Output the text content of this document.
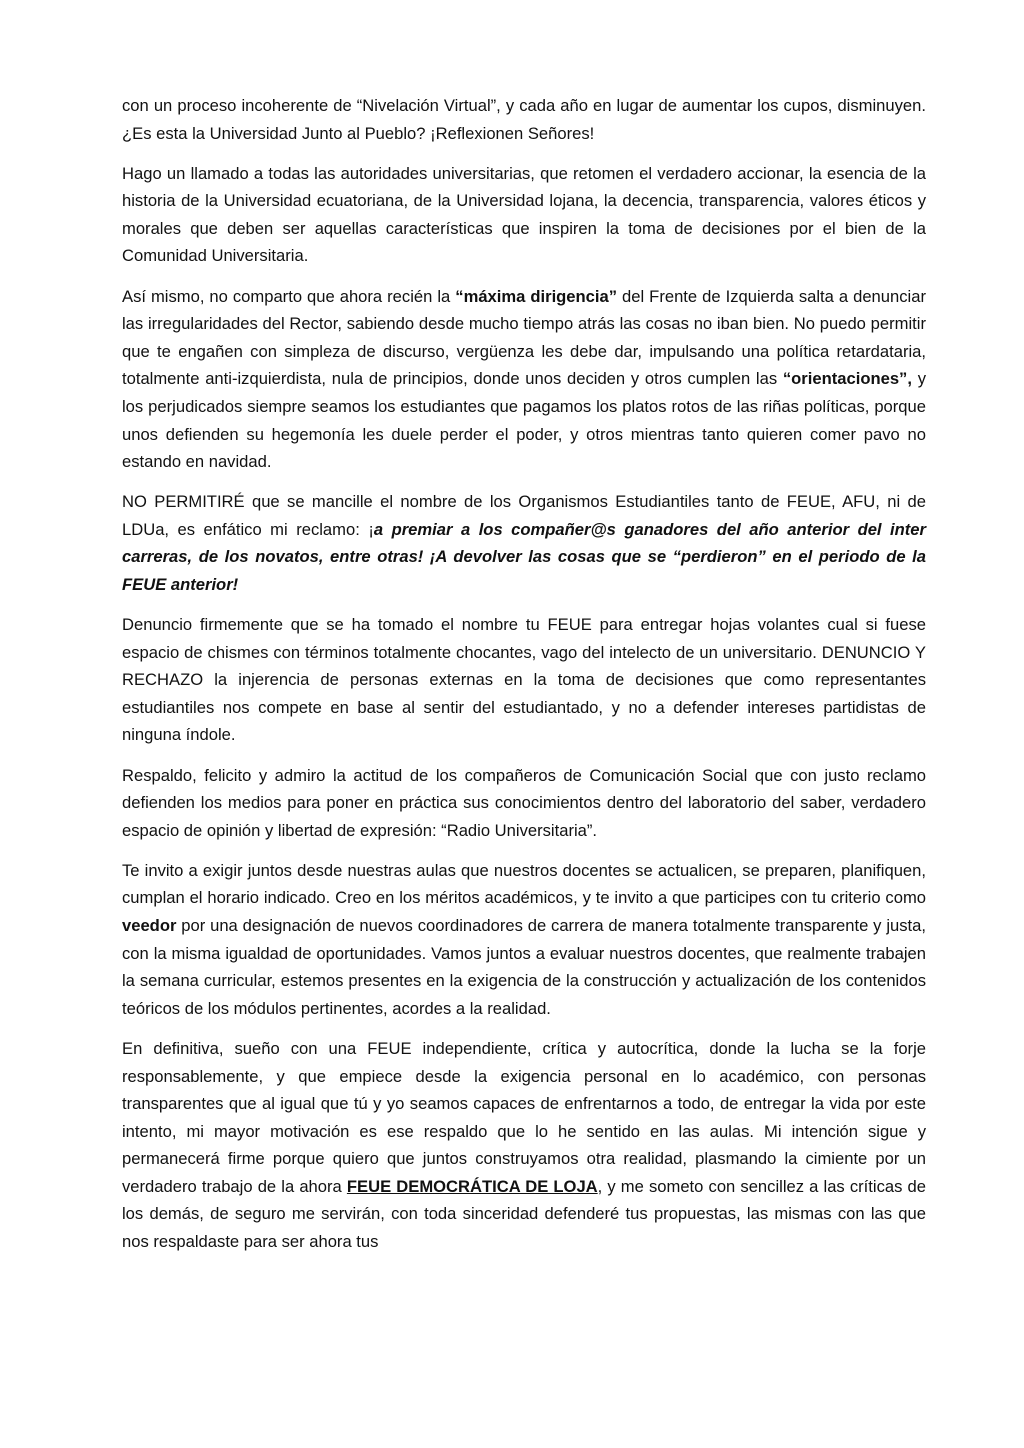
con un proceso incoherente de “Nivelación Virtual”, y cada año en lugar de aumentar los cupos, disminuyen. ¿Es esta la Universidad Junto al Pueblo? ¡Reflexionen Señores!

Hago un llamado a todas las autoridades universitarias, que retomen el verdadero accionar, la esencia de la historia de la Universidad ecuatoriana, de la Universidad lojana, la decencia, transparencia, valores éticos y morales que deben ser aquellas características que inspiren la toma de decisiones por el bien de la Comunidad Universitaria.

Así mismo, no comparto que ahora recién la “máxima dirigencia” del Frente de Izquierda salta a denunciar las irregularidades del Rector, sabiendo desde mucho tiempo atrás las cosas no iban bien. No puedo permitir que te engañen con simpleza de discurso, vergüenza les debe dar, impulsando una política retardataria, totalmente anti-izquierdista, nula de principios, donde unos deciden y otros cumplen las “orientaciones”, y los perjudicados siempre seamos los estudiantes que pagamos los platos rotos de las riñas políticas, porque unos defienden su hegemonía les duele perder el poder, y otros mientras tanto quieren comer pavo no estando en navidad.

NO PERMITIRÉ que se mancille el nombre de los Organismos Estudiantiles tanto de FEUE, AFU, ni de LDUa, es enfático mi reclamo: ¡a premiar a los compañer@s ganadores del año anterior del inter carreras, de los novatos, entre otras! ¡A devolver las cosas que se “perdieron” en el periodo de la FEUE anterior!

Denuncio firmemente que se ha tomado el nombre tu FEUE para entregar hojas volantes cual si fuese espacio de chismes con términos totalmente chocantes, vago del intelecto de un universitario. DENUNCIO Y RECHAZO la injerencia de personas externas en la toma de decisiones que como representantes estudiantiles nos compete en base al sentir del estudiantado, y no a defender intereses partidistas de ninguna índole.

Respaldo, felicito y admiro la actitud de los compañeros de Comunicación Social que con justo reclamo defienden los medios para poner en práctica sus conocimientos dentro del laboratorio del saber, verdadero espacio de opinión y libertad de expresión: “Radio Universitaria”.

Te invito a exigir juntos desde nuestras aulas que nuestros docentes se actualicen, se preparen, planifiquen, cumplan el horario indicado. Creo en los méritos académicos, y te invito a que participes con tu criterio como veedor por una designación de nuevos coordinadores de carrera de manera totalmente transparente y justa, con la misma igualdad de oportunidades. Vamos juntos a evaluar nuestros docentes, que realmente trabajen la semana curricular, estemos presentes en la exigencia de la construcción y actualización de los contenidos teóricos de los módulos pertinentes, acordes a la realidad.

En definitiva, sueño con una FEUE independiente, crítica y autocrítica, donde la lucha se la forje responsablemente, y que empiece desde la exigencia personal en lo académico, con personas transparentes que al igual que tú y yo seamos capaces de enfrentarnos a todo, de entregar la vida por este intento, mi mayor motivación es ese respaldo que lo he sentido en las aulas. Mi intención sigue y permanecerá firme porque quiero que juntos construyamos otra realidad, plasmando la cimiente por un verdadero trabajo de la ahora FEUE DEMOCRÁTICA DE LOJA, y me someto con sencillez a las críticas de los demás, de seguro me servirán, con toda sinceridad defenderé tus propuestas, las mismas con las que nos respaldaste para ser ahora tus
